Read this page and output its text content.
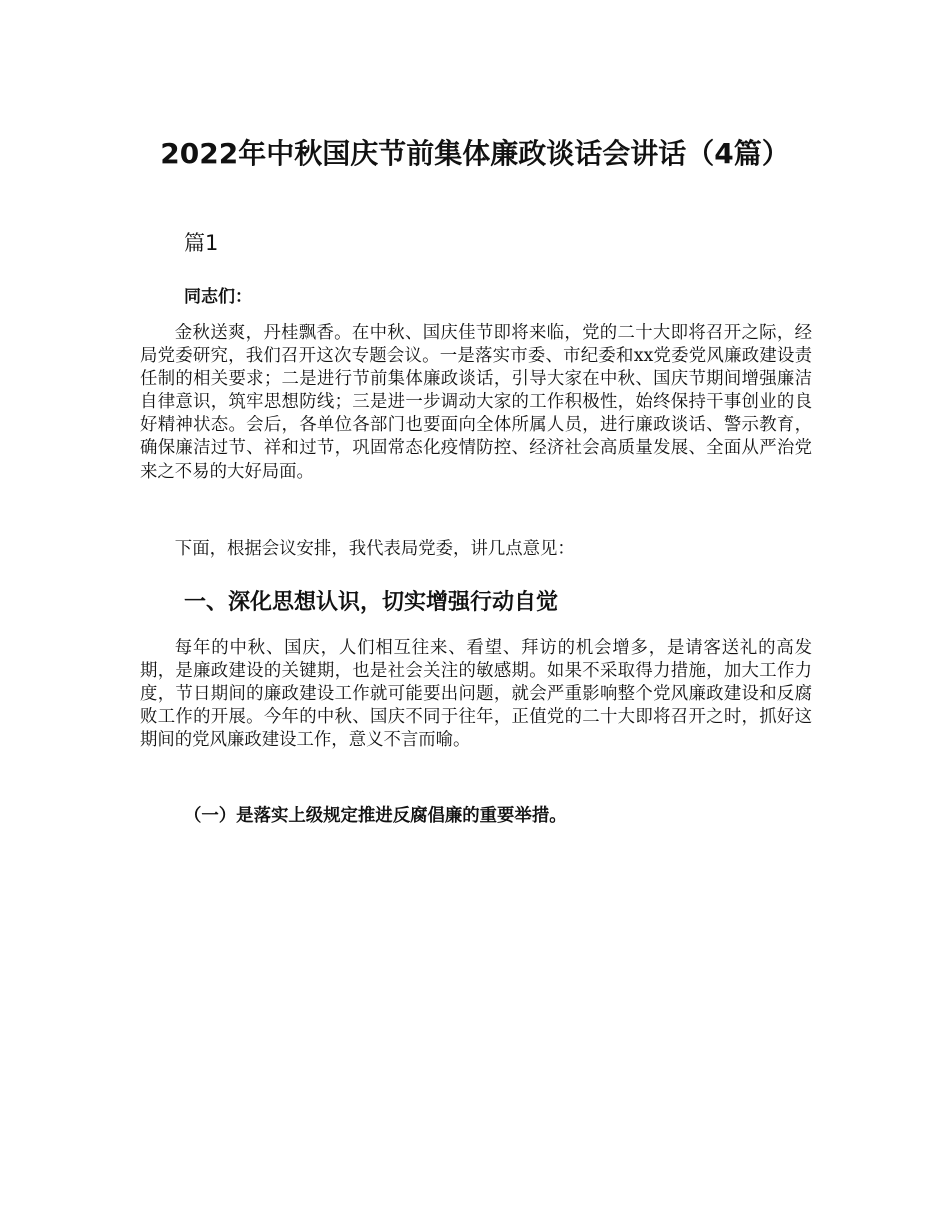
2022年中秋国庆节前集体廉政谈话会讲话（4篇）
篇1
同志们：

金秋送爽，丹桂飘香。在中秋、国庆佳节即将来临，党的二十大即将召开之际，经局党委研究，我们召开这次专题会议。一是落实市委、市纪委和xx党委党风廉政建设责任制的相关要求；二是进行节前集体廉政谈话，引导大家在中秋、国庆节期间增强廉洁自律意识，筑牢思想防线；三是进一步调动大家的工作积极性，始终保持干事创业的良好精神状态。会后，各单位各部门也要面向全体所属人员，进行廉政谈话、警示教育，确保廉洁过节、祥和过节，巩固常态化疫情防控、经济社会高质量发展、全面从严治党来之不易的大好局面。

下面，根据会议安排，我代表局党委，讲几点意见：

一、深化思想认识，切实增强行动自觉

每年的中秋、国庆，人们相互往来、看望、拜访的机会增多，是请客送礼的高发期，是廉政建设的关键期，也是社会关注的敏感期。如果不采取得力措施，加大工作力度，节日期间的廉政建设工作就可能要出问题，就会严重影响整个党风廉政建设和反腐败工作的开展。今年的中秋、国庆不同于往年，正值党的二十大即将召开之时，抓好这期间的党风廉政建设工作，意义不言而喻。

（一）是落实上级规定推进反腐倡廉的重要举措。
